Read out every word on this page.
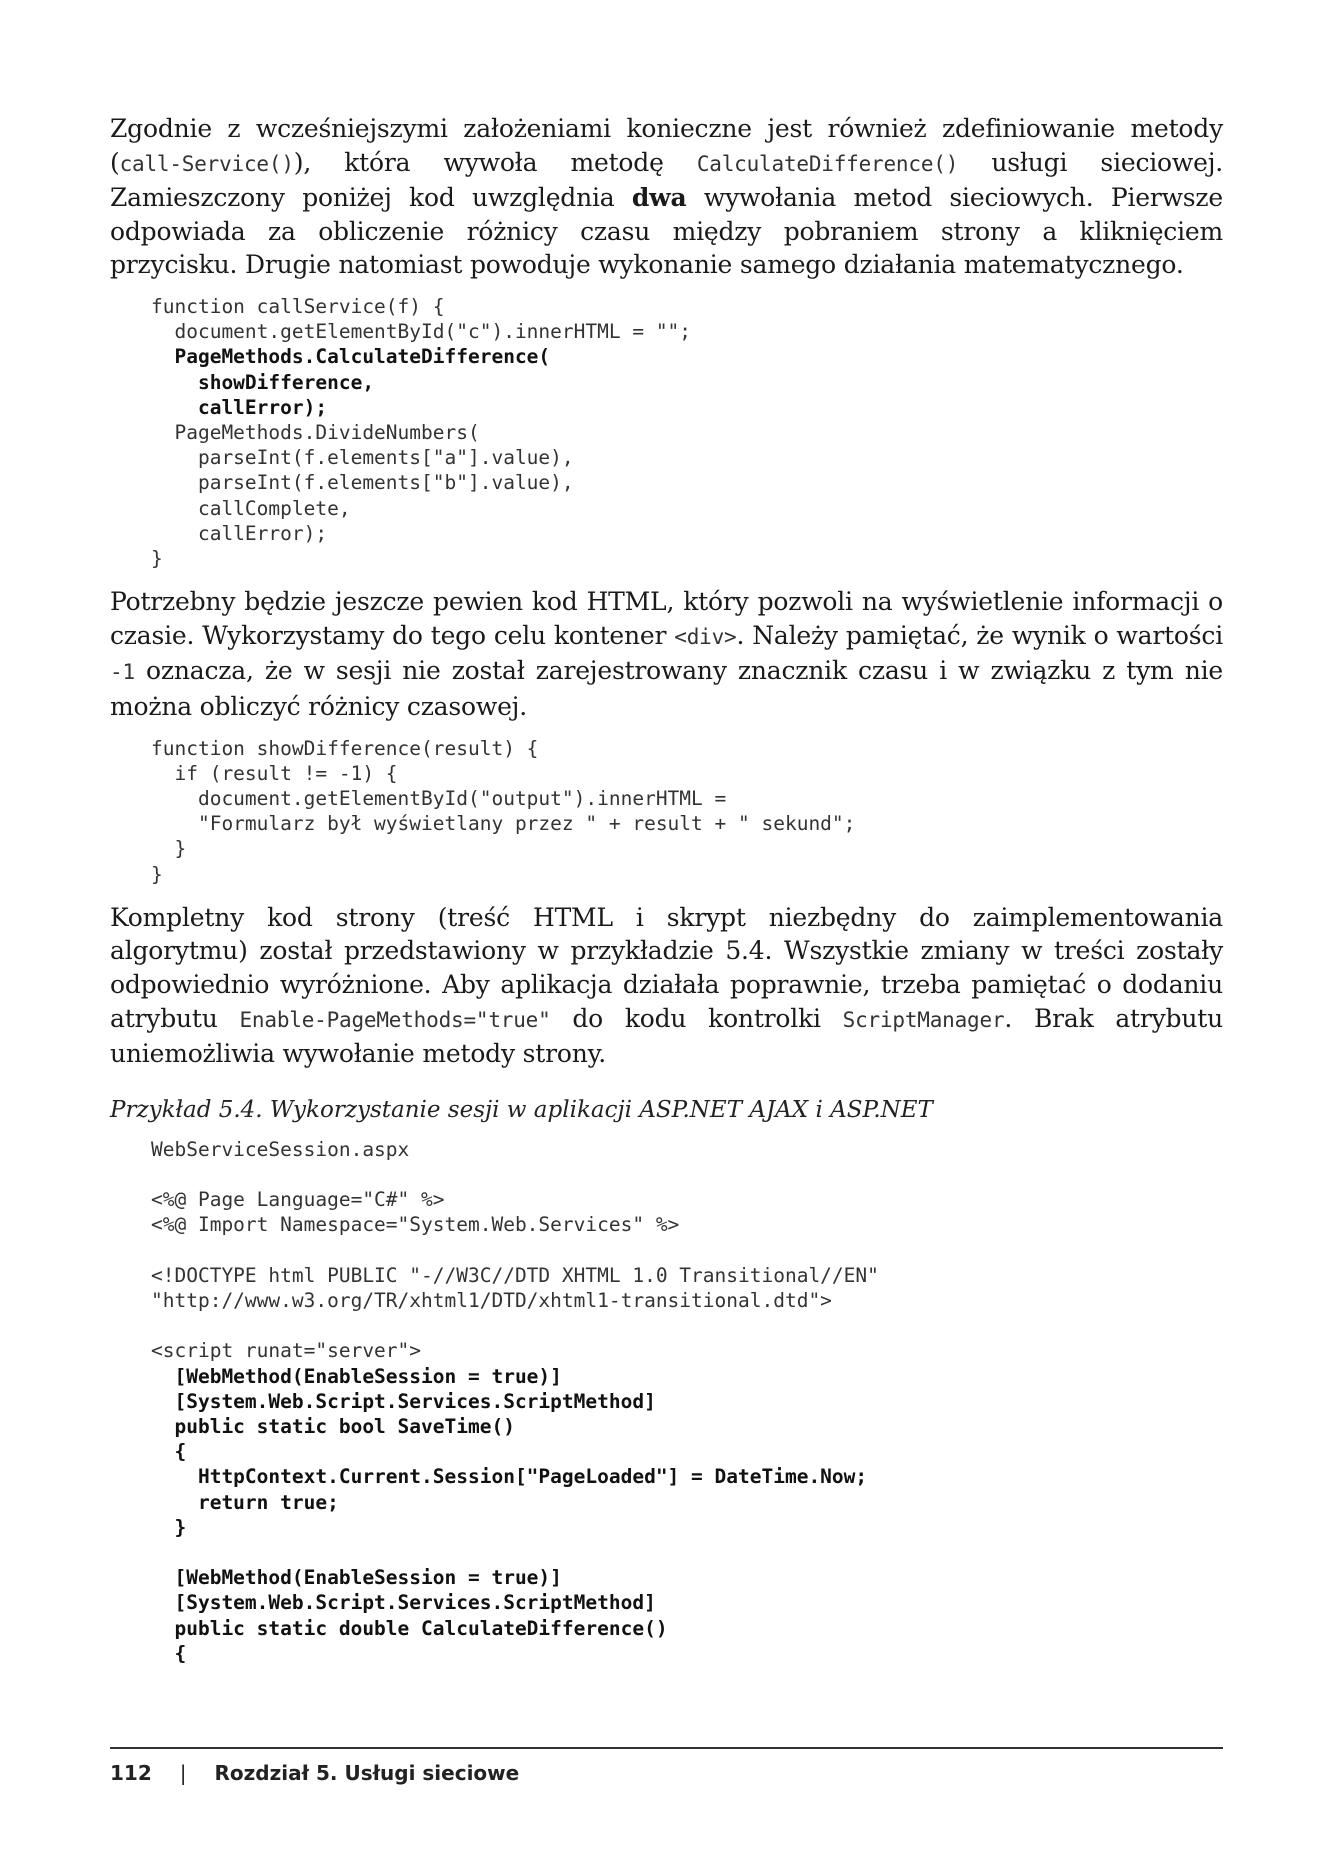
Zgodnie z wcześniejszymi założeniami konieczne jest również zdefiniowanie metody (call-Service()), która wywoła metodę CalculateDifference() usługi sieciowej. Zamieszczony poniżej kod uwzględnia dwa wywołania metod sieciowych. Pierwsze odpowiada za obliczenie różnicy czasu między pobraniem strony a kliknięciem przycisku. Drugie natomiast powoduje wykonanie samego działania matematycznego.

function callService(f) {
document.getElementById("c").innerHTML = "";
PageMethods.CalculateDifference(
showDifference,
callError);
PageMethods.DivideNumbers(
parseInt(f.elements["a"].value),
parseInt(f.elements["b"].value),
callComplete,
callError);
}

Potrzebny będzie jeszcze pewien kod HTML, który pozwoli na wyświetlenie informacji o czasie. Wykorzystamy do tego celu kontener <div>. Należy pamiętać, że wynik o wartości -1 oznacza, że w sesji nie został zarejestrowany znacznik czasu i w związku z tym nie można obliczyć różnicy czasowej.

function showDifference(result) {
if (result != -1) {
document.getElementById("output").innerHTML =
"Formularz był wyświetlany przez " + result + " sekund";
}
}

Kompletny kod strony (treść HTML i skrypt niezbędny do zaimplementowania algorytmu) został przedstawiony w przykładzie 5.4. Wszystkie zmiany w treści zostały odpowiednio wyróżnione. Aby aplikacja działała poprawnie, trzeba pamiętać o dodaniu atrybutu Enable-PageMethods="true" do kodu kontrolki ScriptManager. Brak atrybutu uniemożliwia wywołanie metody strony.

Przykład 5.4. Wykorzystanie sesji w aplikacji ASP.NET AJAX i ASP.NET

WebServiceSession.aspx

<%@ Page Language="C#" %>
<%@ Import Namespace="System.Web.Services" %>

<!DOCTYPE html PUBLIC "-//W3C//DTD XHTML 1.0 Transitional//EN"
"http://www.w3.org/TR/xhtml1/DTD/xhtml1-transitional.dtd">

<script runat="server">
[WebMethod(EnableSession = true)]
[System.Web.Script.Services.ScriptMethod]
public static bool SaveTime()
{
HttpContext.Current.Session["PageLoaded"] = DateTime.Now;
return true;
}

[WebMethod(EnableSession = true)]
[System.Web.Script.Services.ScriptMethod]
public static double CalculateDifference()
{
112 | Rozdział 5. Usługi sieciowe
